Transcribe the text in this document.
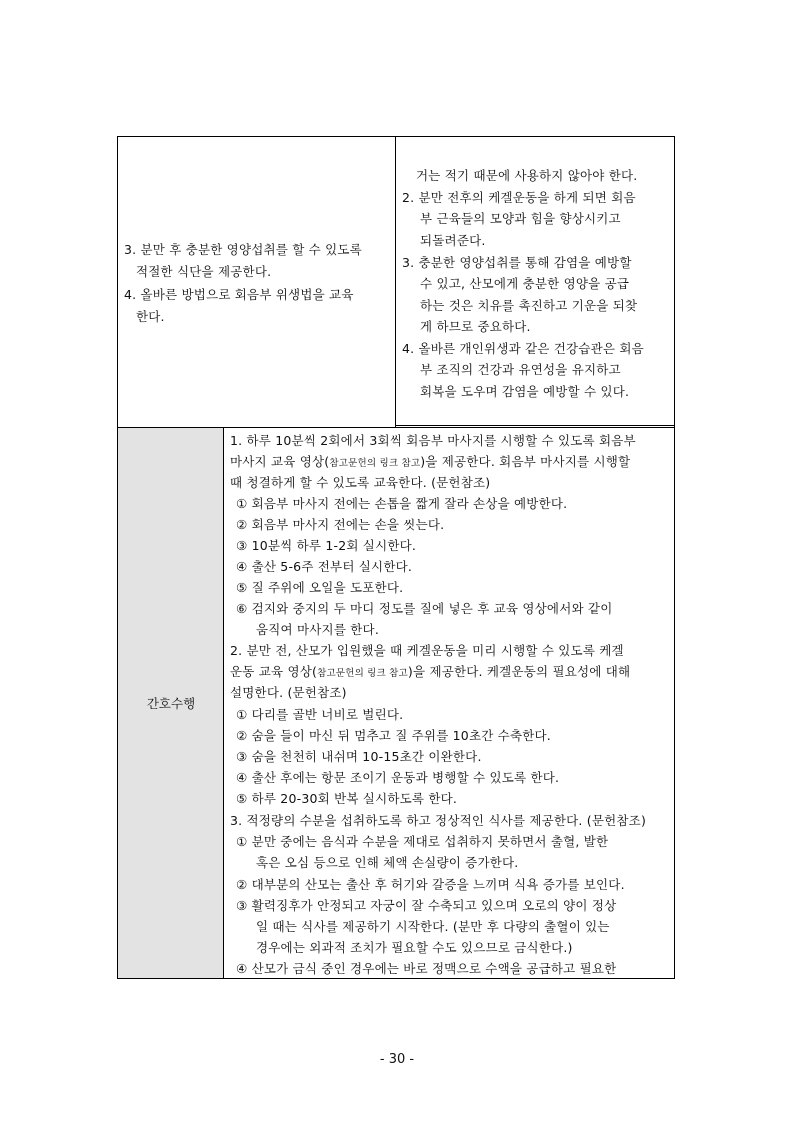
3. 분만 후 충분한 영양섭취를 할 수 있도록
적절한 식단을 제공한다.
4. 올바른 방법으로 회음부 위생법을 교육
한다.
거는 적기 때문에 사용하지 않아야 한다.
2. 분만 전후의 케겔운동을 하게 되면 회음
부 근육들의 모양과 힘을 향상시키고
되돌려준다.
3. 충분한 영양섭취를 통해 감염을 예방할
수 있고, 산모에게 충분한 영양을 공급
하는 것은 치유를 촉진하고 기운을 되찾
게 하므로 중요하다.
4. 올바른 개인위생과 같은 건강습관은 회음
부 조직의 건강과 유연성을 유지하고
회복을 도우며 감염을 예방할 수 있다.
간호수행
1. 하루 10분씩 2회에서 3회씩 회음부 마사지를 시행할 수 있도록 회음부
마사지 교육 영상(참고문헌의 링크 참고)을 제공한다. 회음부 마사지를 시행할
때 청결하게 할 수 있도록 교육한다. (문헌참조)
① 회음부 마사지 전에는 손톱을 짧게 잘라 손상을 예방한다.
② 회음부 마사지 전에는 손을 씻는다.
③ 10분씩 하루 1-2회 실시한다.
④ 출산 5-6주 전부터 실시한다.
⑤ 질 주위에 오일을 도포한다.
⑥ 검지와 중지의 두 마디 정도를 질에 넣은 후 교육 영상에서와 같이
움직여 마사지를 한다.
2. 분만 전, 산모가 입원했을 때 케겔운동을 미리 시행할 수 있도록 케겔
운동 교육 영상(참고문헌의 링크 참고)을 제공한다. 케겔운동의 필요성에 대해
설명한다. (문헌참조)
① 다리를 골반 너비로 벌린다.
② 숨을 들이 마신 뒤 멈추고 질 주위를 10초간 수축한다.
③ 숨을 천천히 내쉬며 10-15초간 이완한다.
④ 출산 후에는 항문 조이기 운동과 병행할 수 있도록 한다.
⑤ 하루 20-30회 반복 실시하도록 한다.
3. 적정량의 수분을 섭취하도록 하고 정상적인 식사를 제공한다. (문헌참조)
① 분만 중에는 음식과 수분을 제대로 섭취하지 못하면서 출혈, 발한
혹은 오심 등으로 인해 체액 손실량이 증가한다.
② 대부분의 산모는 출산 후 허기와 갈증을 느끼며 식욕 증가를 보인다.
③ 활력징후가 안정되고 자궁이 잘 수축되고 있으며 오로의 양이 정상
일 때는 식사를 제공하기 시작한다. (분만 후 다량의 출혈이 있는
경우에는 외과적 조치가 필요할 수도 있으므로 금식한다.)
④ 산모가 금식 중인 경우에는 바로 정맥으로 수액을 공급하고 필요한
- 30 -
